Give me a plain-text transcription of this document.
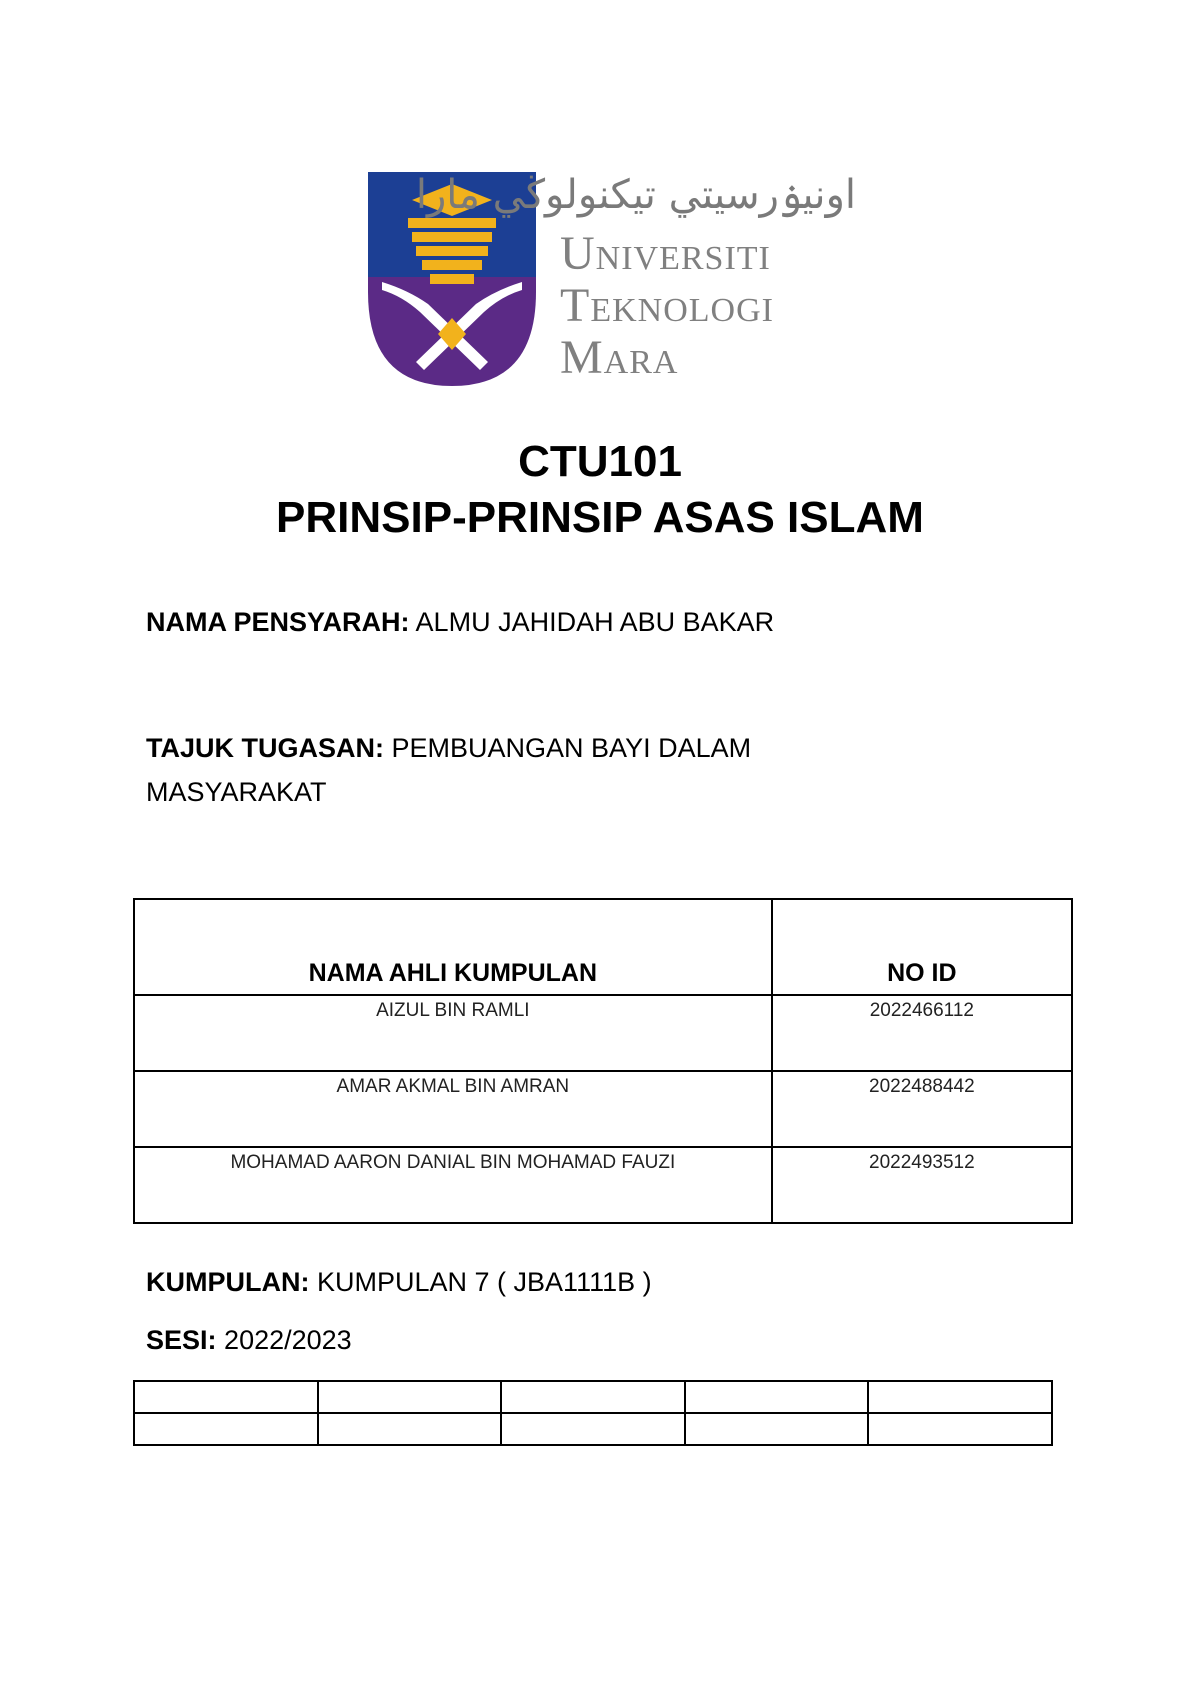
اونيۏرسيتي تيكنولوڬي مارا
Universiti
Teknologi
Mara
CTU101
PRINSIP-PRINSIP ASAS ISLAM
NAMA PENSYARAH: ALMU JAHIDAH ABU BAKAR
TAJUK TUGASAN: PEMBUANGAN BAYI DALAM MASYARAKAT
NAMA AHLI KUMPULAN	NO ID
AIZUL BIN RAMLI	2022466112
AMAR AKMAL BIN AMRAN	2022488442
MOHAMAD AARON DANIAL BIN MOHAMAD FAUZI	2022493512
KUMPULAN: KUMPULAN 7 ( JBA1111B )
SESI: 2022/2023
